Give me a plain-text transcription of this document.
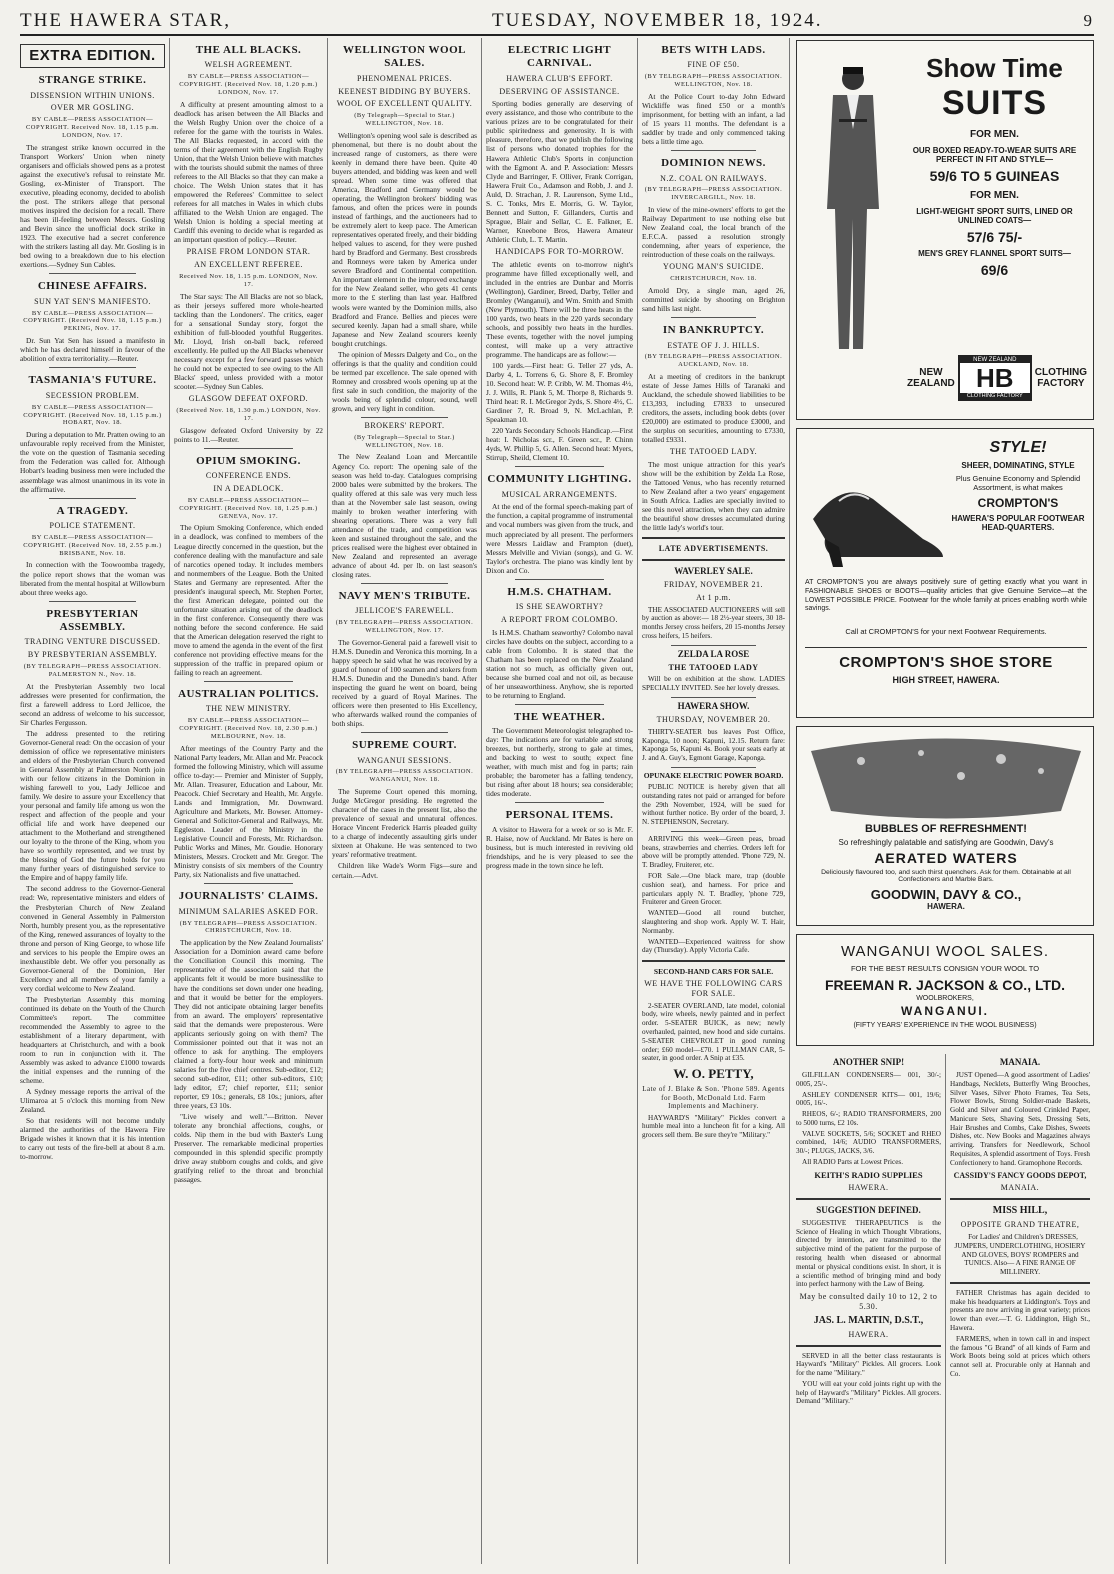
THE HAWERA STAR,	TUESDAY, NOVEMBER 18, 1924.	9
EXTRA EDITION.
STRANGE STRIKE.
DISSENSION WITHIN UNIONS.
OVER MR GOSLING.
BY CABLE—PRESS ASSOCIATION—COPYRIGHT. Received Nov. 18, 1.15 p.m. LONDON, Nov. 17.

The strangest strike known occurred in the Transport Workers' Union when ninety organisers and officials showed pens as a protest against the executive's refusal to reinstate Mr. Gosling, ex-Minister of Transport. The executive, pleading economy, decided to abolish the post. The strikers allege that personal motives inspired the decision for a recall. There has been ill-feeling between Messrs. Gosling and Bevin since the unofficial dock strike in 1923. The executive had a secret conference with the strikers lasting all day. Mr. Gosling is in bed owing to a breakdown due to his election exertions.—Sydney Sun Cables.

CHINESE AFFAIRS.
SUN YAT SEN'S MANIFESTO.
BY CABLE—PRESS ASSOCIATION—COPYRIGHT. (Received Nov. 18, 1.15 p.m.) PEKING, Nov. 17.

Dr. Sun Yat Sen has issued a manifesto in which he has declared himself in favour of the abolition of extra territoriality.—Reuter.

TASMANIA'S FUTURE.
SECESSION PROBLEM.
BY CABLE—PRESS ASSOCIATION—COPYRIGHT. (Received Nov. 18, 1.15 p.m.) HOBART, Nov. 18.

During a deputation to Mr. Pratten owing to an unfavourable reply received from the Minister, the vote on the question of Tasmania seceding from the Federation was called for. Although Hobart's leading business men were included the assemblage was almost unanimous in its vote in the affirmative.

A TRAGEDY.
POLICE STATEMENT.
BY CABLE—PRESS ASSOCIATION—COPYRIGHT. (Received Nov. 18, 2.55 p.m.) BRISBANE, Nov. 18.

In connection with the Toowoomba tragedy, the police report shows that the woman was liberated from the mental hospital at Willowburn about three weeks ago.

PRESBYTERIAN ASSEMBLY.
TRADING VENTURE DISCUSSED.
BY PRESBYTERIAN ASSEMBLY.
(BY TELEGRAPH—PRESS ASSOCIATION. PALMERSTON N., Nov. 18.

At the Presbyterian Assembly two local addresses were presented for confirmation, the first a farewell address to Lord Jellicoe, the second an address of welcome to his successor, Sir Charles Fergusson.

The address presented to the retiring Governor-General read: On the occasion of your demission of office we representative ministers and elders of the Presbyterian Church convened in General Assembly at Palmerston North join with our fellow citizens in the Dominion in wishing farewell to you, Lady Jellicoe and family. We desire to assure your Excellency that your personal and family life among us won the respect and affection of the people and your official life and work have deepened our attachment to the Motherland and strengthened our loyalty to the throne of the King, whom you have so worthily represented, and we trust by the blessing of God the future holds for you many further years of distinguished service to the Empire and of happy family life.

The second address to the Governor-General read: We, representative ministers and elders of the Presbyterian Church of New Zealand convened in General Assembly in Palmerston North, humbly present you, as the representative of the King, renewed assurances of loyalty to the throne and person of King George, to whose life and services to his people the Empire owes an inexhaustible debt. We offer you personally as Governor-General of the Dominion, Her Excellency and all members of your family a very cordial welcome to New Zealand.

The Presbyterian Assembly this morning continued its debate on the Youth of the Church Committee's report. The committee recommended the Assembly to agree to the establishment of a literary department, with headquarters at Christchurch, and with a book room to run in conjunction with it. The Assembly was asked to advance £1000 towards the initial expenses and the running of the scheme.

A Sydney message reports the arrival of the Ulimaroa at 5 o'clock this morning from New Zealand.

So that residents will not become unduly alarmed the authorities of the Hawera Fire Brigade wishes it known that it is his intention to carry out tests of the fire-bell at about 8 a.m. to-morrow.

THE ALL BLACKS.
WELSH AGREEMENT.
BY CABLE—PRESS ASSOCIATION—COPYRIGHT. (Received Nov. 18, 1.20 p.m.) LONDON, Nov. 17.

A difficulty at present amounting almost to a deadlock has arisen between the All Blacks and the Welsh Rugby Union over the choice of a referee for the game with the tourists in Wales. The All Blacks requested, in accord with the terms of their agreement with the English Rugby Union, that the Welsh Union believe with matches with the tourists should submit the names of three referees to the All Blacks so that they can make a choice. The Welsh Union states that it has empowered the Referees' Committee to select referees for all matches in Wales in which clubs affiliated to the Welsh Union are engaged. The Welsh Union is holding a special meeting at Cardiff this evening to decide what is regarded as an important question of policy.—Reuter.

PRAISE FROM LONDON STAR.
AN EXCELLENT REFEREE.
Received Nov. 18, 1.15 p.m. LONDON, Nov. 17.

The Star says: The All Blacks are not so black, as their jerseys suffered more whole-hearted tackling than the Londoners'. The critics, eager for a sensational Sunday story, forgot the exhibition of full-blooded youthful Ruggerites. Mr. Lloyd, Irish on-ball back, refereed excellently. He pulled up the All Blacks whenever necessary except for a few forward passes which he could not be expected to see owing to the All Blacks' speed, unless provided with a motor scooter.—Sydney Sun Cables.

GLASGOW DEFEAT OXFORD.
(Received Nov. 18, 1.30 p.m.) LONDON, Nov. 17.

Glasgow defeated Oxford University by 22 points to 11.—Reuter.

OPIUM SMOKING.
CONFERENCE ENDS.
IN A DEADLOCK.
BY CABLE—PRESS ASSOCIATION—COPYRIGHT. (Received Nov. 18, 1.25 p.m.) GENEVA, Nov. 17.

The Opium Smoking Conference, which ended in a deadlock, was confined to members of the League directly concerned in the question, but the conference dealing with the manufacture and sale of narcotics opened today. It includes members and nonmembers of the League. Both the United States and Germany are represented. After the president's inaugural speech, Mr. Stephen Porter, the first American delegate, pointed out the unfortunate situation arising out of the deadlock in the first conference. Consequently there was nothing before the second conference. He said that the American delegation reserved the right to move to amend the agenda in the event of the first conference not providing effective means for the suppression of the traffic in prepared opium or failing to reach an agreement.

AUSTRALIAN POLITICS.
THE NEW MINISTRY.
BY CABLE—PRESS ASSOCIATION—COPYRIGHT. (Received Nov. 18, 2.30 p.m.) MELBOURNE, Nov. 18.

After meetings of the Country Party and the National Party leaders, Mr. Allan and Mr. Peacock formed the following Ministry, which will assume office to-day:— Premier and Minister of Supply, Mr. Allan. Treasurer, Education and Labour, Mr. Peacock. Chief Secretary and Health, Mr. Argyle. Lands and Immigration, Mr. Downward. Agriculture and Markets, Mr. Bowser. Attorney-General and Solicitor-General and Railways, Mr. Eggleston. Leader of the Ministry in the Legislative Council and Forests, Mr. Richardson. Public Works and Mines, Mr. Goudie. Honorary Ministers, Messrs. Crockett and Mr. Gregor. The Ministry consists of six members of the Country Party, six Nationalists and five unattached.

JOURNALISTS' CLAIMS.
MINIMUM SALARIES ASKED FOR.
(BY TELEGRAPH—PRESS ASSOCIATION. CHRISTCHURCH, Nov. 18.

The application by the New Zealand Journalists' Association for a Dominion award came before the Conciliation Council this morning. The representative of the association said that the applicants felt it would be more businesslike to have the conditions set down under one heading, and that it would be better for the employers. They did not anticipate obtaining larger benefits from an award. The employers' representative said that the demands were preposterous. Were applicants seriously going on with them? The Commissioner pointed out that it was not an offence to ask for anything. The employers claimed a forty-four hour week and minimum salaries for the five chief centres. Sub-editor, £12; second sub-editor, £11; other sub-editors, £10; lady editor, £7; chief reporter, £11; senior reporter, £9 10s.; generals, £8 10s.; juniors, after three years, £3 10s.

"Live wisely and well."—Britton. Never tolerate any bronchial affections, coughs, or colds. Nip them in the bud with Baxter's Lung Preserver. The remarkable medicinal properties compounded in this splendid specific promptly drive away stubborn coughs and colds, and give gratifying relief to the throat and bronchial passages.

WELLINGTON WOOL SALES.
PHENOMENAL PRICES.
KEENEST BIDDING BY BUYERS.
WOOL OF EXCELLENT QUALITY.
(By Telegraph—Special to Star.) WELLINGTON, Nov. 18.

Wellington's opening wool sale is described as phenomenal, but there is no doubt about the increased range of customers, as there were keenly in demand there have been. Quite 40 buyers attended, and bidding was keen and well spread. When some time was offered that America, Bradford and Germany would be operating, the Wellington brokers' bidding was famous, and often the prices were in pounds instead of farthings, and the auctioneers had to be extremely alert to keep pace. The American representatives operated freely, and their bidding helped values to ascend, for they were pushed hard by Bradford and Germany. Best crossbreds and Romneys were taken by America under severe Bradford and Continental competition. An important element in the improved exchange for the New Zealand seller, who gets 41 cents more to the £ sterling than last year. Halfbred wools were wanted by the Dominion mills, also Bradford and France. Bellies and pieces were secured keenly. Japan had a small share, while Japanese and New Zealand scourers keenly bought crutchings.

The opinion of Messrs Dalgety and Co., on the offerings is that the quality and condition could be termed par excellence. The sale opened with Romney and crossbred wools opening up at the first sale in such condition, the majority of the wools being of splendid colour, sound, well grown, and very light in condition.

BROKERS' REPORT.
(By Telegraph—Special to Star.) WELLINGTON, Nov. 18.

The New Zealand Loan and Mercantile Agency Co. report: The opening sale of the season was held to-day. Catalogues comprising 2000 bales were submitted by the brokers. The quality offered at this sale was very much less than at the November sale last season, owing mainly to broken weather interfering with shearing operations. There was a very full attendance of the trade, and competition was keen and sustained throughout the sale, and the prices realised were the highest ever obtained in New Zealand and represented an average advance of about 4d. per lb. on last season's closing rates.

NAVY MEN'S TRIBUTE.
JELLICOE'S FAREWELL.
(BY TELEGRAPH—PRESS ASSOCIATION. WELLINGTON, Nov. 17.

The Governor-General paid a farewell visit to H.M.S. Dunedin and Veronica this morning. In a happy speech he said what he was received by a guard of honour of 100 seamen and stokers from H.M.S. Dunedin and the Dunedin's band. After inspecting the guard he went on board, being received by a guard of Royal Marines. The officers were then presented to His Excellency, who afterwards walked round the companies of both ships.

SUPREME COURT.
WANGANUI SESSIONS.
(BY TELEGRAPH—PRESS ASSOCIATION. WANGANUI, Nov. 18.

The Supreme Court opened this morning, Judge McGregor presiding. He regretted the character of the cases in the present list, also the prevalence of sexual and unnatural offences. Horace Vincent Frederick Harris pleaded guilty to a charge of indecently assaulting girls under sixteen at Ohakune. He was sentenced to two years' reformative treatment.

Children like Wade's Worm Figs—sure and certain.—Advt.

ELECTRIC LIGHT CARNIVAL.
HAWERA CLUB'S EFFORT.
DESERVING OF ASSISTANCE.

Sporting bodies generally are deserving of every assistance, and those who contribute to the various prizes are to be congratulated for their public spiritedness and generosity. It is with pleasure, therefore, that we publish the following list of persons who donated trophies for the Hawera Athletic Club's Sports in conjunction with the Egmont A. and P. Association: Messrs Clyde and Barringer, F. Olliver, Frank Corrigan, Hawera Fruit Co., Adamson and Robb, J. and J. Auld, D. Strachan, J. R. Laurenson, Syme Ltd., S. C. Tonks, Mrs E. Morris, G. W. Taylor, Bennett and Sutton, F. Gillanders, Curtis and Sprague, Blair and Sellar, C. E. Falkner, E. Warner, Kneebone Bros, Hawera Amateur Athletic Club, L. T. Martin.

HANDICAPS FOR TO-MORROW.

The athletic events on to-morrow night's programme have filled exceptionally well, and included in the entries are Dunbar and Morris (Wellington), Gardiner, Breed, Darby, Teller and Bromley (Wanganui), and Wm. Smith and Smith (New Plymouth). There will be three heats in the 100 yards, two heats in the 220 yards secondary schools, and possibly two heats in the hurdles. These events, together with the novel jumping contest, will make up a very attractive programme. The handicaps are as follow:—

100 yards.—First heat: G. Teller 27 yds, A. Darby 4, L. Torrens 6, G. Shore 8, F. Bromley 10. Second heat: W. P. Cribb, W. M. Thomas 4½, J. J. Wills, R. Plank 5, M. Thorpe 8, Richards 9. Third heat: R. I. McGregor 2yds, S. Shore 4½, C. Gardiner 7, R. Broad 9, N. McLachlan, P. Speakman 10.

220 Yards Secondary Schools Handicap.—First heat: I. Nicholas scr., F. Green scr., P. Chinn 4yds, W. Phillip 5, G. Allen. Second heat: Myers, Stirrup, Sheild, Clement 10.

COMMUNITY LIGHTING.
MUSICAL ARRANGEMENTS.

At the end of the formal speech-making part of the function, a capital programme of instrumental and vocal numbers was given from the truck, and much appreciated by all present. The performers were Messrs Laidlaw and Frampton (duet), Messrs Melville and Vivian (songs), and G. W. Taylor's orchestra. The piano was kindly lent by Dixon and Co.

H.M.S. CHATHAM.
IS SHE SEAWORTHY?
A REPORT FROM COLOMBO.

Is H.M.S. Chatham seaworthy? Colombo naval circles have doubts on the subject, according to a cable from Colombo. It is stated that the Chatham has been replaced on the New Zealand station not so much, as officially given out, because she burned coal and not oil, as because of her unseaworthiness. Anyhow, she is reported to be returning to England.

THE WEATHER.

The Government Meteorologist telegraphed to-day: The indications are for variable and strong breezes, but northerly, strong to gale at times, and backing to west to south; expect fine weather, with much mist and fog in parts; rain probable; the barometer has a falling tendency, but rising after about 18 hours; sea considerable; tides moderate.

PERSONAL ITEMS.

A visitor to Hawera for a week or so is Mr. F. R. Haise, now of Auckland. Mr Bates is here on business, but is much interested in reviving old friendships, and he is very pleased to see the progress made in the town since he left.

BETS WITH LADS.
FINE OF £50.
(BY TELEGRAPH—PRESS ASSOCIATION. WELLINGTON, Nov. 18.

At the Police Court to-day John Edward Wickliffe was fined £50 or a month's imprisonment, for betting with an infant, a lad of 15 years 11 months. The defendant is a saddler by trade and only commenced taking bets a little time ago.

DOMINION NEWS.
N.Z. COAL ON RAILWAYS.
(BY TELEGRAPH—PRESS ASSOCIATION. INVERCARGILL, Nov. 18.

In view of the mine-owners' efforts to get the Railway Department to use nothing else but New Zealand coal, the local branch of the E.F.C.A. passed a resolution strongly condemning, after years of experience, the reintroduction of these coals on the railways.

YOUNG MAN'S SUICIDE.
CHRISTCHURCH, Nov. 18.

Arnold Dry, a single man, aged 26, committed suicide by shooting on Brighton sand hills last night.

IN BANKRUPTCY.
ESTATE OF J. J. HILLS.
(BY TELEGRAPH—PRESS ASSOCIATION. AUCKLAND, Nov. 18.

At a meeting of creditors in the bankrupt estate of Jesse James Hills of Taranaki and Auckland, the schedule showed liabilities to be £13,393, including £7833 to unsecured creditors, the assets, including book debts (over £20,000) are estimated to produce £3000, and the surplus on securities, amounting to £7330, totalled £9331.

THE TATOOED LADY.

The most unique attraction for this year's show will be the exhibition by Zelda La Rose, the Tattooed Venus, who has recently returned to New Zealand after a two years' engagement in South Africa. Ladies are specially invited to see this novel attraction, when they can admire the beautiful show dresses accumulated during the little lady's world's tour.

LATE ADVERTISEMENTS.
WAVERLEY SALE.
FRIDAY, NOVEMBER 21.
At 1 p.m.

THE ASSOCIATED AUCTIONEERS will sell by auction as above:— 18 2½-year steers, 30 18-months Jersey cross heifers, 20 15-months Jersey cross heifers, 15 heifers.

ZELDA LA ROSE
THE TATOOED LADY

Will be on exhibition at the show. LADIES SPECIALLY INVITED. See her lovely dresses.

HAWERA SHOW.
THURSDAY, NOVEMBER 20.

THIRTY-SEATER bus leaves Post Office, Kaponga, 10 noon; Kapuni, 12.15. Return fare: Kaponga 5s, Kapuni 4s. Book your seats early at J. and A. Guy's, Egmont Garage, Kaponga.

OPUNAKE ELECTRIC POWER BOARD.

PUBLIC NOTICE is hereby given that all outstanding rates not paid or arranged for before the 29th November, 1924, will be sued for without further notice. By order of the board, J. N. STEPHENSON, Secretary.

ARRIVING this week—Green peas, broad beans, strawberries and cherries. Orders left for above will be promptly attended. 'Phone 729, N. T. Bradley, Fruiterer, etc.

FOR Sale.—One black mare, trap (double cushion seat), and harness. For price and particulars apply N. T. Bradley, 'phone 729, Fruiterer and Green Grocer.

WANTED—Good all round butcher, slaughtering and shop work. Apply W. T. Hair, Normanby.

WANTED—Experienced waitress for show day (Thursday). Apply Victoria Cafe.

SECOND-HAND CARS FOR SALE.
WE HAVE THE FOLLOWING CARS FOR SALE.

2-SEATER OVERLAND, late model, colonial body, wire wheels, newly painted and in perfect order. 5-SEATER BUICK, as new; newly overhauled, painted, new hood and side curtains. 5-SEATER CHEVROLET in good running order; £60 model—£70. 1 PULLMAN CAR, 5-seater, in good order. A Snip at £35.

W. O. PETTY,
Late of J. Blake & Son. 'Phone 589. Agents for Booth, McDonald Ltd. Farm Implements and Machinery.

HAYWARD'S "Military" Pickles convert a humble meal into a luncheon fit for a king. All grocers sell them. Be sure they're "Military."

Show Time
SUITS
FOR MEN.
OUR BOXED READY-TO-WEAR SUITS ARE PERFECT IN FIT AND STYLE—
59/6 TO 5 GUINEAS
FOR MEN.
LIGHT-WEIGHT SPORT SUITS, LINED OR UNLINED COATS—
57/6 75/-
MEN'S GREY FLANNEL SPORT SUITS—
69/6
NEW
ZEALAND
NEW ZEALAND
HB
CLOTHING FACTORY
CLOTHING
FACTORY
STYLE!
SHEER, DOMINATING, STYLE
Plus Genuine Economy and Splendid Assortment, is what makes
CROMPTON'S
HAWERA'S POPULAR FOOTWEAR HEAD-QUARTERS.
AT CROMPTON'S you are always positively sure of getting exactly what you want in FASHIONABLE SHOES or BOOTS—quality articles that give Genuine Service—at the LOWEST POSSIBLE PRICE. Footwear for the whole family at prices enabling worth while savings.
Call at CROMPTON'S for your next Footwear Requirements.
CROMPTON'S SHOE STORE
HIGH STREET, HAWERA.
BUBBLES OF REFRESHMENT!
So refreshingly palatable and satisfying are Goodwin, Davy's
AERATED WATERS
Deliciously flavoured too, and such thirst quenchers. Ask for them. Obtainable at all Confectioners and Marble Bars.
GOODWIN, DAVY & CO.,
HAWERA.
WANGANUI WOOL SALES.
FOR THE BEST RESULTS CONSIGN YOUR WOOL TO
FREEMAN R. JACKSON & CO., LTD.
WOOLBROKERS,
WANGANUI.
(FIFTY YEARS' EXPERIENCE IN THE WOOL BUSINESS)
ANOTHER SNIP!

GILFILLAN CONDENSERS— 001, 30/-; 0005, 25/-.

ASHLEY CONDENSER KITS— 001, 19/6; 0005, 16/-.

RHEOS, 6/-; RADIO TRANSFORMERS, 200 to 5000 turns, £2 10s.

VALVE SOCKETS, 5/6; SOCKET and RHEO combined, 14/6; AUDIO TRANSFORMERS, 30/-; PLUGS, JACKS, 3/6.

All RADIO Parts at Lowest Prices.

KEITH'S RADIO SUPPLIES
HAWERA.
SUGGESTION DEFINED.

SUGGESTIVE THERAPEUTICS is the Science of Healing in which Thought Vibrations, directed by intention, are transmitted to the subjective mind of the patient for the purpose of restoring health when diseased or abnormal mental or physical conditions exist. In short, it is a scientific method of bringing mind and body into perfect harmony with the Law of Being.

May be consulted daily 10 to 12, 2 to 5.30.
JAS. L. MARTIN, D.S.T.,
HAWERA.

SERVED in all the better class restaurants is Hayward's "Military" Pickles. All grocers. Look for the name "Military."

YOU will eat your cold joints right up with the help of Hayward's "Military" Pickles. All grocers. Demand "Military."

MANAIA.

JUST Opened—A good assortment of Ladies' Handbags, Necklets, Butterfly Wing Brooches, Silver Vases, Silver Photo Frames, Tea Sets, Flower Bowls, Strong Soldier-made Baskets, Gold and Silver and Coloured Crinkled Paper, Manicure Sets, Shaving Sets, Dressing Sets, Hair Brushes and Combs, Cake Dishes, Sweets Dishes, etc. New Books and Magazines always arriving. Transfers for Needlework, School Requisites, A splendid assortment of Toys. Fresh Confectionery to hand. Gramophone Records.

CASSIDY'S FANCY GOODS DEPOT,
MANAIA.
MISS HILL,
OPPOSITE GRAND THEATRE,

For Ladies' and Children's DRESSES, JUMPERS, UNDERCLOTHING, HOSIERY AND GLOVES, BOYS' ROMPERS and TUNICS. Also— A FINE RANGE OF MILLINERY.

FATHER Christmas has again decided to make his headquarters at Liddington's. Toys and presents are now arriving in great variety; prices lower than ever.—T. G. Liddington, High St., Hawera.

FARMERS, when in town call in and inspect the famous "G Brand" of all kinds of Farm and Work Boots being sold at prices which others cannot sell at. Procurable only at Hannah and Co.
